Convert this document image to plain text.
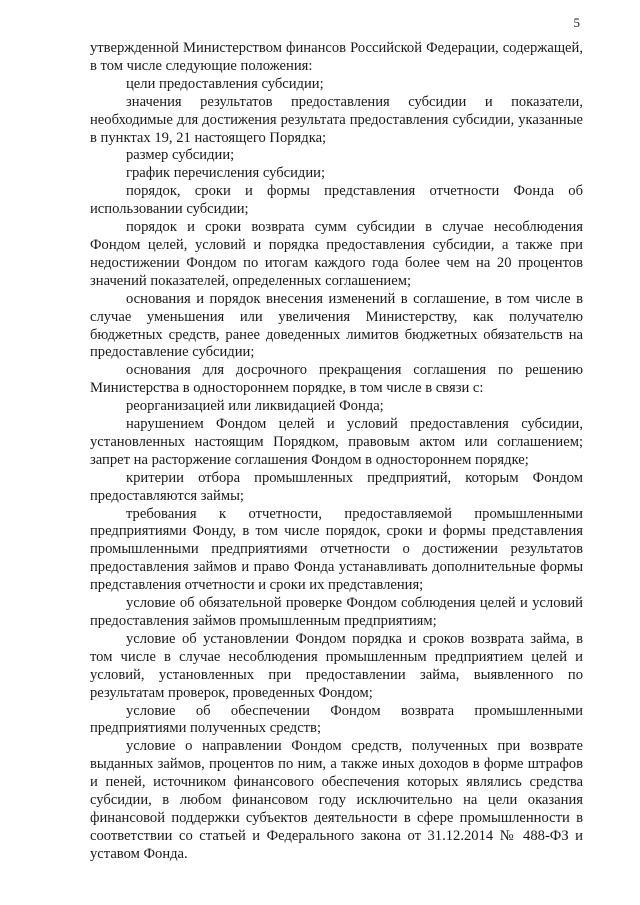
5

утвержденной Министерством финансов Российской Федерации, содержащей, в том числе следующие положения:

цели предоставления субсидии;

значения результатов предоставления субсидии и показатели, необходимые для достижения результата предоставления субсидии, указанные в пунктах 19, 21 настоящего Порядка;

размер субсидии;

график перечисления субсидии;

порядок, сроки и формы представления отчетности Фонда об использовании субсидии;

порядок и сроки возврата сумм субсидии в случае несоблюдения Фондом целей, условий и порядка предоставления субсидии, а также при недостижении Фондом по итогам каждого года более чем на 20 процентов значений показателей, определенных соглашением;

основания и порядок внесения изменений в соглашение, в том числе в случае уменьшения или увеличения Министерству, как получателю бюджетных средств, ранее доведенных лимитов бюджетных обязательств на предоставление субсидии;

основания для досрочного прекращения соглашения по решению Министерства в одностороннем порядке, в том числе в связи с:

реорганизацией или ликвидацией Фонда;

нарушением Фондом целей и условий предоставления субсидии, установленных настоящим Порядком, правовым актом или соглашением; запрет на расторжение соглашения Фондом в одностороннем порядке;

критерии отбора промышленных предприятий, которым Фондом предоставляются займы;

требования к отчетности, предоставляемой промышленными предприятиями Фонду, в том числе порядок, сроки и формы представления промышленными предприятиями отчетности о достижении результатов предоставления займов и право Фонда устанавливать дополнительные формы представления отчетности и сроки их представления;

условие об обязательной проверке Фондом соблюдения целей и условий предоставления займов промышленным предприятиям;

условие об установлении Фондом порядка и сроков возврата займа, в том числе в случае несоблюдения промышленным предприятием целей и условий, установленных при предоставлении займа, выявленного по результатам проверок, проведенных Фондом;

условие об обеспечении Фондом возврата промышленными предприятиями полученных средств;

условие о направлении Фондом средств, полученных при возврате выданных займов, процентов по ним, а также иных доходов в форме штрафов и пеней, источником финансового обеспечения которых являлись средства субсидии, в любом финансовом году исключительно на цели оказания финансовой поддержки субъектов деятельности в сфере промышленности в соответствии со статьей и Федерального закона от 31.12.2014 № 488-ФЗ и уставом Фонда.
